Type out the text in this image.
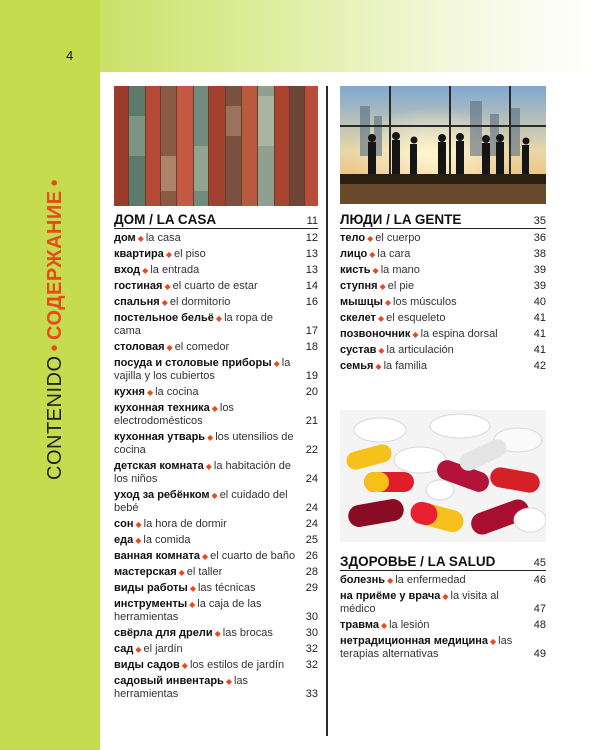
4
CONTENIDO•СОДЕРЖАНИЕ•
ДОМ / LA CASA	11
дом ◆ la casa	12
квартира ◆ el piso	13
вход ◆ la entrada	13
гостиная ◆ el cuarto de estar	14
спальня ◆ el dormitorio	16
постельное бельё ◆ la ropa de cama	17
столовая ◆ el comedor	18
посуда и столовые приборы ◆ la vajilla y los cubiertos	19
кухня ◆ la cocina	20
кухонная техника ◆ los electrodomésticos	21
кухонная утварь ◆ los utensilios de cocina	22
детская комната ◆ la habitación de los niños	24
уход за ребёнком ◆ el cuidado del bebé	24
сон ◆ la hora de dormir	24
еда ◆ la comida	25
ванная комната ◆ el cuarto de baño 26
мастерская ◆ el taller	28
виды работы ◆ las técnicas	29
инструменты ◆ la caja de las herramientas	30
свёрла для дрели ◆ las brocas	30
сад ◆ el jardín	32
виды садов ◆ los estilos de jardín	32
садовый инвентарь ◆ las herramientas	33
ЛЮДИ / LA GENTE	35
тело ◆ el cuerpo	36
лицо ◆ la cara	38
кисть ◆ la mano	39
ступня ◆ el pie	39
мышцы ◆ los músculos	40
скелет ◆ el esqueleto	41
позвоночник ◆ la espina dorsal	41
сустав ◆ la articulación	41
семья ◆ la familia	42
ЗДОРОВЬЕ / LA SALUD	45
болезнь ◆ la enfermedad	46
на приёме у врача ◆ la visita al médico	47
травма ◆ la lesión	48
нетрадиционная медицина ◆ las terapias alternativas	49
